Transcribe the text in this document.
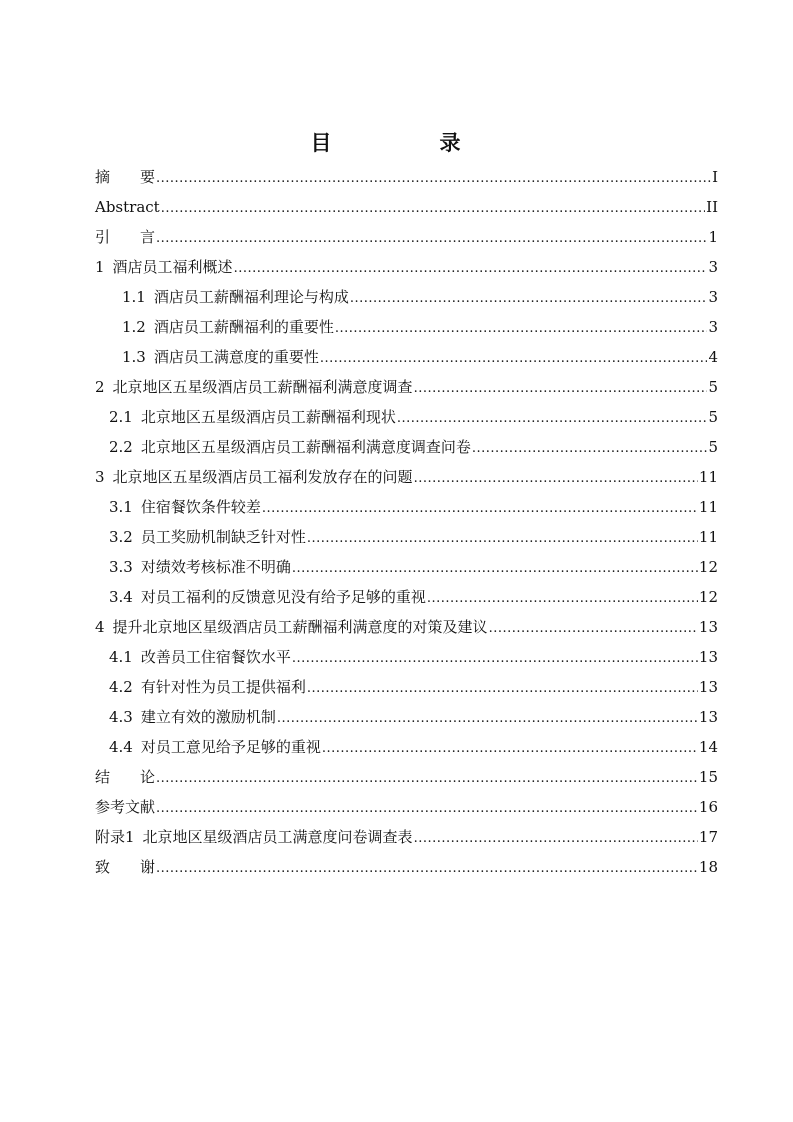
目　　录
摘　　要 .....	I
Abstract .....	II
引　　言 .....	1
1 酒店员工福利概述 .....	3
1.1 酒店员工薪酬福利理论与构成 .....	3
1.2 酒店员工薪酬福利的重要性 .....	3
1.3 酒店员工满意度的重要性 .....	4
2 北京地区五星级酒店员工薪酬福利满意度调查 .....	5
2.1 北京地区五星级酒店员工薪酬福利现状 .....	5
2.2 北京地区五星级酒店员工薪酬福利满意度调查问卷 .....	5
3 北京地区五星级酒店员工福利发放存在的问题 .....	11
3.1 住宿餐饮条件较差 .....	11
3.2 员工奖励机制缺乏针对性 .....	11
3.3 对绩效考核标准不明确 .....	12
3.4 对员工福利的反馈意见没有给予足够的重视 .....	12
4 提升北京地区星级酒店员工薪酬福利满意度的对策及建议 .....	13
4.1 改善员工住宿餐饮水平 .....	13
4.2 有针对性为员工提供福利 .....	13
4.3 建立有效的激励机制 .....	13
4.4 对员工意见给予足够的重视 .....	14
结　　论 .....	15
参考文献 .....	16
附录1 北京地区星级酒店员工满意度问卷调查表 .....	17
致　　谢 .....	18
